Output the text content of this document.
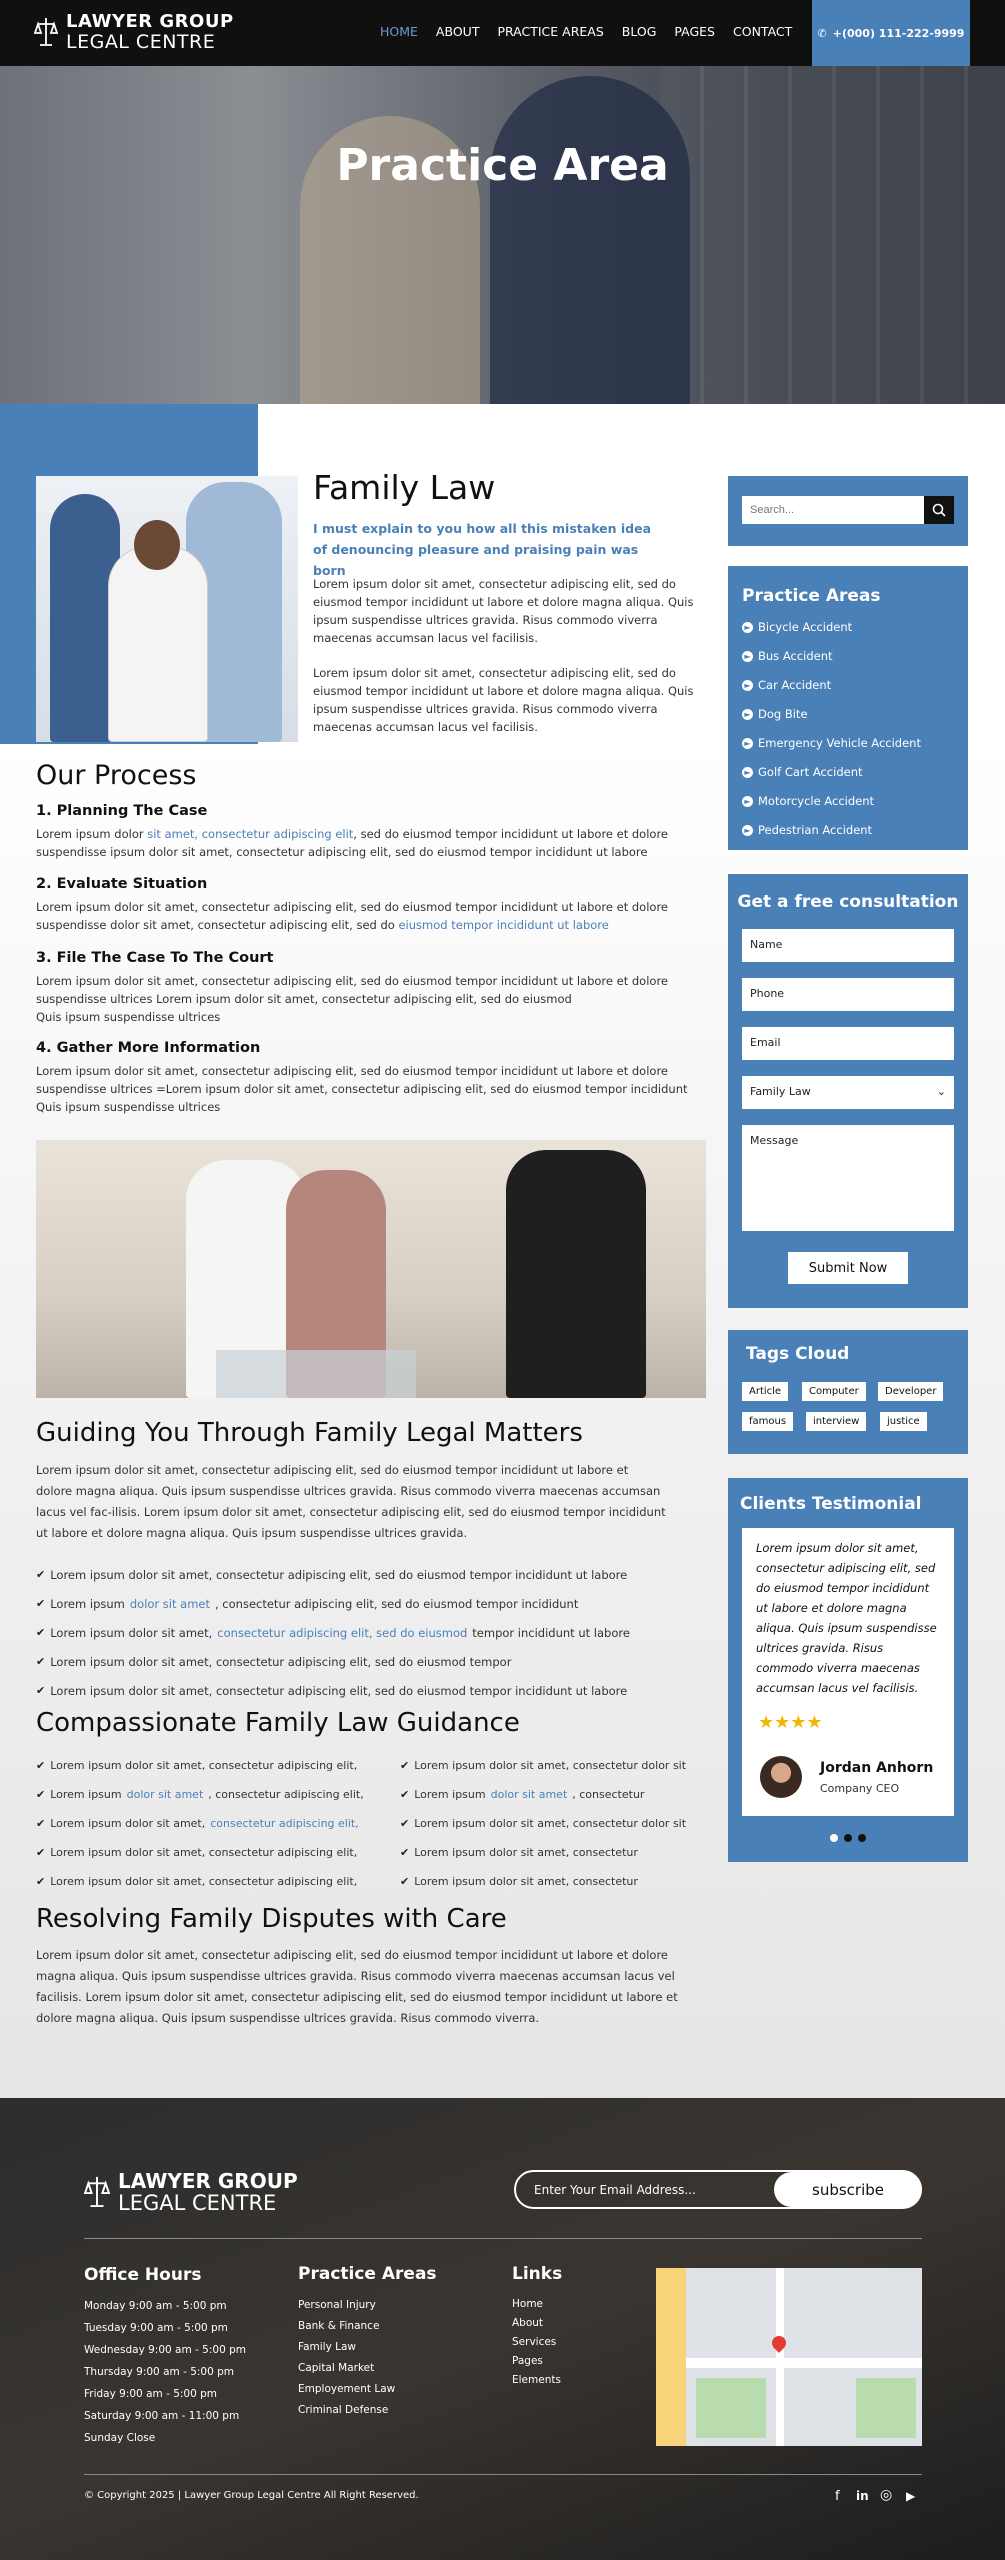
LAWYER GROUP
LEGAL CENTRE	HOME ABOUT PRACTICE AREAS BLOG PAGES CONTACT ✆ +(000) 111-222-9999
Practice Area
Family Law
I must explain to you how all this mistaken idea of denouncing pleasure and praising pain was born
Lorem ipsum dolor sit amet, consectetur adipiscing elit, sed do eiusmod tempor incididunt ut labore et dolore magna aliqua. Quis ipsum suspendisse ultrices gravida. Risus commodo viverra maecenas accumsan lacus vel facilisis.
Lorem ipsum dolor sit amet, consectetur adipiscing elit, sed do eiusmod tempor incididunt ut labore et dolore magna aliqua. Quis ipsum suspendisse ultrices gravida. Risus commodo viverra maecenas accumsan lacus vel facilisis.
Our Process
1. Planning The Case
Lorem ipsum dolor sit amet, consectetur adipiscing elit, sed do eiusmod tempor incididunt ut labore et dolore
suspendisse ipsum dolor sit amet, consectetur adipiscing elit, sed do eiusmod tempor incididunt ut labore
2. Evaluate Situation
Lorem ipsum dolor sit amet, consectetur adipiscing elit, sed do eiusmod tempor incididunt ut labore et dolore
suspendisse dolor sit amet, consectetur adipiscing elit, sed do eiusmod tempor incididunt ut labore
3. File The Case To The Court
Lorem ipsum dolor sit amet, consectetur adipiscing elit, sed do eiusmod tempor incididunt ut labore et dolore
suspendisse ultrices Lorem ipsum dolor sit amet, consectetur adipiscing elit, sed do eiusmod
Quis ipsum suspendisse ultrices
4. Gather More Information
Lorem ipsum dolor sit amet, consectetur adipiscing elit, sed do eiusmod tempor incididunt ut labore et dolore
suspendisse ultrices =Lorem ipsum dolor sit amet, consectetur adipiscing elit, sed do eiusmod tempor incididunt
Quis ipsum suspendisse ultrices
Guiding You Through Family Legal Matters
Lorem ipsum dolor sit amet, consectetur adipiscing elit, sed do eiusmod tempor incididunt ut labore et dolore magna aliqua. Quis ipsum suspendisse ultrices gravida. Risus commodo viverra maecenas accumsan lacus vel fac-ilisis. Lorem ipsum dolor sit amet, consectetur adipiscing elit, sed do eiusmod tempor incididunt ut labore et dolore magna aliqua. Quis ipsum suspendisse ultrices gravida.
✔ Lorem ipsum dolor sit amet, consectetur adipiscing elit, sed do eiusmod tempor incididunt ut labore
✔ Lorem ipsum dolor sit amet , consectetur adipiscing elit, sed do eiusmod tempor incididunt
✔ Lorem ipsum dolor sit amet, consectetur adipiscing elit, sed do eiusmod tempor incididunt ut labore
✔ Lorem ipsum dolor sit amet, consectetur adipiscing elit, sed do eiusmod tempor
✔ Lorem ipsum dolor sit amet, consectetur adipiscing elit, sed do eiusmod tempor incididunt ut labore
Compassionate Family Law Guidance
✔ Lorem ipsum dolor sit amet, consectetur adipiscing elit,
✔ Lorem ipsum dolor sit amet , consectetur adipiscing elit,
✔ Lorem ipsum dolor sit amet, consectetur adipiscing elit,
✔ Lorem ipsum dolor sit amet, consectetur adipiscing elit,
✔ Lorem ipsum dolor sit amet, consectetur adipiscing elit,
✔ Lorem ipsum dolor sit amet, consectetur dolor sit
✔ Lorem ipsum dolor sit amet , consectetur
✔ Lorem ipsum dolor sit amet, consectetur dolor sit
✔ Lorem ipsum dolor sit amet, consectetur
✔ Lorem ipsum dolor sit amet, consectetur
Resolving Family Disputes with Care
Lorem ipsum dolor sit amet, consectetur adipiscing elit, sed do eiusmod tempor incididunt ut labore et dolore magna aliqua. Quis ipsum suspendisse ultrices gravida. Risus commodo viverra maecenas accumsan lacus vel facilisis. Lorem ipsum dolor sit amet, consectetur adipiscing elit, sed do eiusmod tempor incididunt ut labore et dolore magna aliqua. Quis ipsum suspendisse ultrices gravida. Risus commodo viverra.
Search...
Practice Areas
► Bicycle Accident
► Bus Accident
► Car Accident
► Dog Bite
► Emergency Vehicle Accident
► Golf Cart Accident
► Motorcycle Accident
► Pedestrian Accident
Get a free consultation
Name
Phone
Email
Family Law	⌄
Message
Submit Now
Tags Cloud
Article	Computer	Developer
famous	interview	justice
Clients Testimonial
Lorem ipsum dolor sit amet, consectetur adipiscing elit, sed do eiusmod tempor incididunt ut labore et dolore magna aliqua. Quis ipsum suspendisse ultrices gravida. Risus commodo viverra maecenas accumsan lacus vel facilisis.
★★★★
Jordan Anhorn
Company CEO
LAWYER GROUP
LEGAL CENTRE
Enter Your Email Address...	subscribe
Office Hours
Monday 9:00 am - 5:00 pm
Tuesday 9:00 am - 5:00 pm
Wednesday 9:00 am - 5:00 pm
Thursday 9:00 am - 5:00 pm
Friday 9:00 am - 5:00 pm
Saturday 9:00 am - 11:00 pm
Sunday Close
Practice Areas
Personal Injury
Bank & Finance
Family Law
Capital Market
Employement Law
Criminal Defense
Links
Home
About
Services
Pages
Elements
© Copyright 2025 | Lawyer Group Legal Centre All Right Reserved.	f in ◎ ▶
